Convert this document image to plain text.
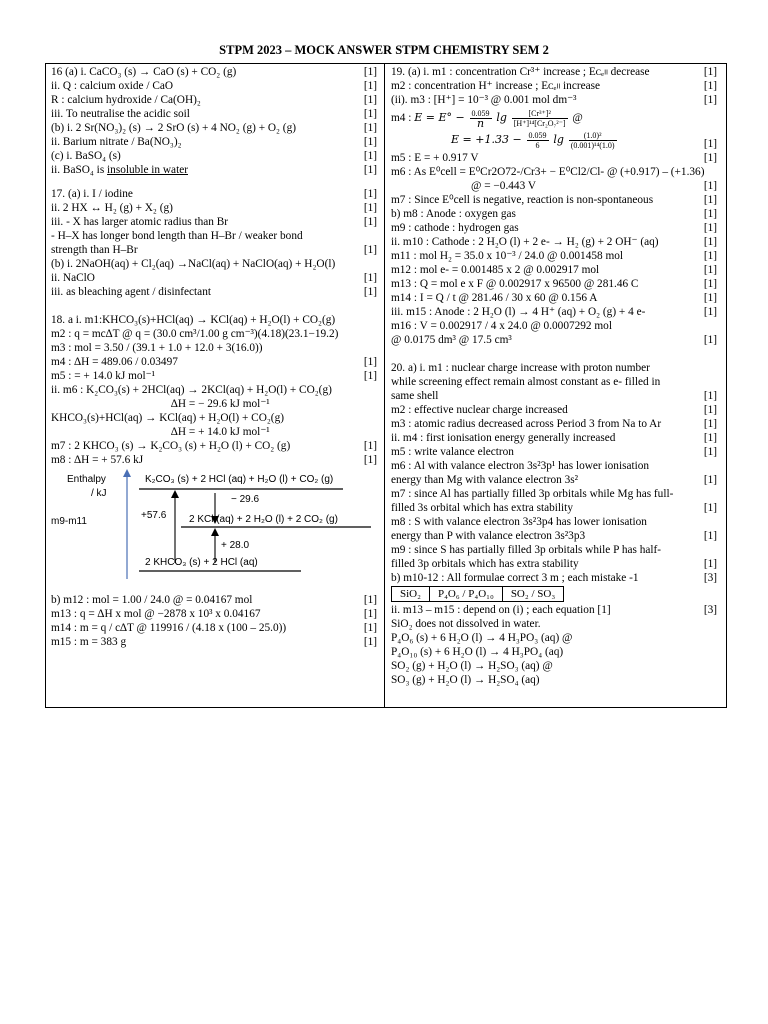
STPM 2023 – MOCK ANSWER STPM CHEMISTRY SEM 2
16 (a) i. CaCO₃ (s) → CaO (s) + CO₂ (g)	[1]
ii. Q : calcium oxide / CaO	[1]
R : calcium hydroxide / Ca(OH)₂	[1]
iii. To neutralise the acidic soil	[1]
(b) i. 2 Sr(NO₃)₂ (s) → 2 SrO (s) + 4 NO₂ (g) + O₂ (g)	[1]
ii. Barium nitrate / Ba(NO₃)₂	[1]
(c) i. BaSO₄ (s)	[1]
ii. BaSO₄ is insoluble in water	[1]
17. (a) i. I / iodine	[1]
ii. 2 HX ↔ H₂ (g) + X₂ (g)	[1]
iii. - X has larger atomic radius than Br	[1]
- H–X has longer bond length than H–Br / weaker bond
strength than H–Br	[1]
(b) i. 2NaOH(aq) + Cl₂(aq) →NaCl(aq) + NaClO(aq) + H₂O(l)
ii. NaClO	[1]
iii. as bleaching agent / disinfectant	[1]
18. a i. m1:KHCO₃(s)+HCl(aq) → KCl(aq) + H₂O(l) + CO₂(g)
m2 : q = mc∆T @ q = (30.0 cm³/1.00 g cm⁻³)(4.18)(23.1−19.2)
m3 : mol = 3.50 / (39.1 + 1.0 + 12.0 + 3(16.0))
m4 : ∆H = 489.06 / 0.03497	[1]
m5 : = + 14.0 kJ mol⁻¹	[1]
ii. m6 : K₂CO₃(s) + 2HCl(aq) → 2KCl(aq) + H₂O(l) + CO₂(g)
∆H = − 29.6 kJ mol⁻¹
KHCO₃(s)+HCl(aq) → KCl(aq) + H₂O(l) + CO₂(g)
∆H = + 14.0 kJ mol⁻¹
m7 : 2 KHCO₃ (s) → K₂CO₃ (s) + H₂O (l) + CO₂ (g)	[1]
m8 : ∆H = + 57.6 kJ	[1]
Enthalpy
/ kJ
m9-m11
K₂CO₃ (s) + 2 HCl (aq) + H₂O (l) + CO₂ (g)
2 KCl (aq) + 2 H₂O (l) + 2 CO₂ (g)
2 KHCO₃ (s) + 2 HCl (aq)
+57.6
− 29.6
+ 28.0
b) m12 : mol = 1.00 / 24.0 @ = 0.04167 mol	[1]
m13 : q = ∆H x mol @ −2878 x 10³ x 0.04167	[1]
m14 : m = q / c∆T @ 119916 / (4.18 x (100 – 25.0))	[1]
m15 : m = 383 g	[1]
19. (a) i. m1 : concentration Cr³⁺ increase ; Eᴄₑₗₗ decrease	[1]
m2 : concentration H⁺ increase ; Eᴄₑₗₗ increase	[1]
(ii). m3 : [H⁺] = 10⁻³ @ 0.001 mol dm⁻³	[1]
m4 : $E = E^\circ - \frac{0.059}{n}$ $\lg \frac{\text{[Cr³⁺]²}}{\text{[H⁺]¹⁴[Cr₂O₇²⁻]}}$ @
$E = +1.33 - \frac{0.059}{6}$ $\lg \frac{\text{(1.0)²}}{\text{(0.001)¹⁴(1.0)}}$	[1]
m5 : E = + 0.917 V	[1]
m6 : As E⁰cell = E⁰Cr2O72-/Cr3+ − E⁰Cl2/Cl- @ (+0.917) – (+1.36)
@ = −0.443 V	[1]
m7 : Since E⁰cell is negative, reaction is non-spontaneous	[1]
b) m8 : Anode : oxygen gas	[1]
m9 : cathode : hydrogen gas	[1]
ii. m10 : Cathode : 2 H₂O (l) + 2 e- → H₂ (g) + 2 OH⁻ (aq)	[1]
m11 : mol H₂ = 35.0 x 10⁻³ / 24.0 @ 0.001458 mol	[1]
m12 : mol e- = 0.001485 x 2 @ 0.002917 mol	[1]
m13 : Q = mol e x F @ 0.002917 x 96500 @ 281.46 C	[1]
m14 : I = Q / t @ 281.46 / 30 x 60 @ 0.156 A	[1]
iii. m15 : Anode : 2 H₂O (l) → 4 H⁺ (aq) + O₂ (g) + 4 e-	[1]
m16 : V = 0.002917 / 4 x 24.0 @ 0.0007292 mol
@ 0.0175 dm³ @ 17.5 cm³	[1]
20. a) i. m1 : nuclear charge increase with proton number
while screening effect remain almost constant as e- filled in
same shell	[1]
m2 : effective nuclear charge increased	[1]
m3 : atomic radius decreased across Period 3 from Na to Ar	[1]
ii. m4 : first ionisation energy generally increased	[1]
m5 : write valance electron	[1]
m6 : Al with valance electron 3s²3p¹ has lower ionisation
energy than Mg with valance electron 3s²	[1]
m7 : since Al has partially filled 3p orbitals while Mg has full-
filled 3s orbital which has extra stability	[1]
m8 : S with valance electron 3s²3p4 has lower ionisation
energy than P with valance electron 3s²3p3	[1]
m9 : since S has partially filled 3p orbitals while P has half-
filled 3p orbitals which has extra stability	[1]
b) m10-12 : All formulae correct 3 m ; each mistake -1	[3]
SiO₂	P₄O₆ / P₄O₁₀	SO₂ / SO₃
ii. m13 – m15 : depend on (i) ; each equation [1]	[3]
SiO₂ does not dissolved in water.
P₄O₆ (s) + 6 H₂O (l) → 4 H₃PO₃ (aq) @
P₄O₁₀ (s) + 6 H₂O (l) → 4 H₃PO₄ (aq)
SO₂ (g) + H₂O (l) → H₂SO₃ (aq) @
SO₃ (g) + H₂O (l) → H₂SO₄ (aq)
